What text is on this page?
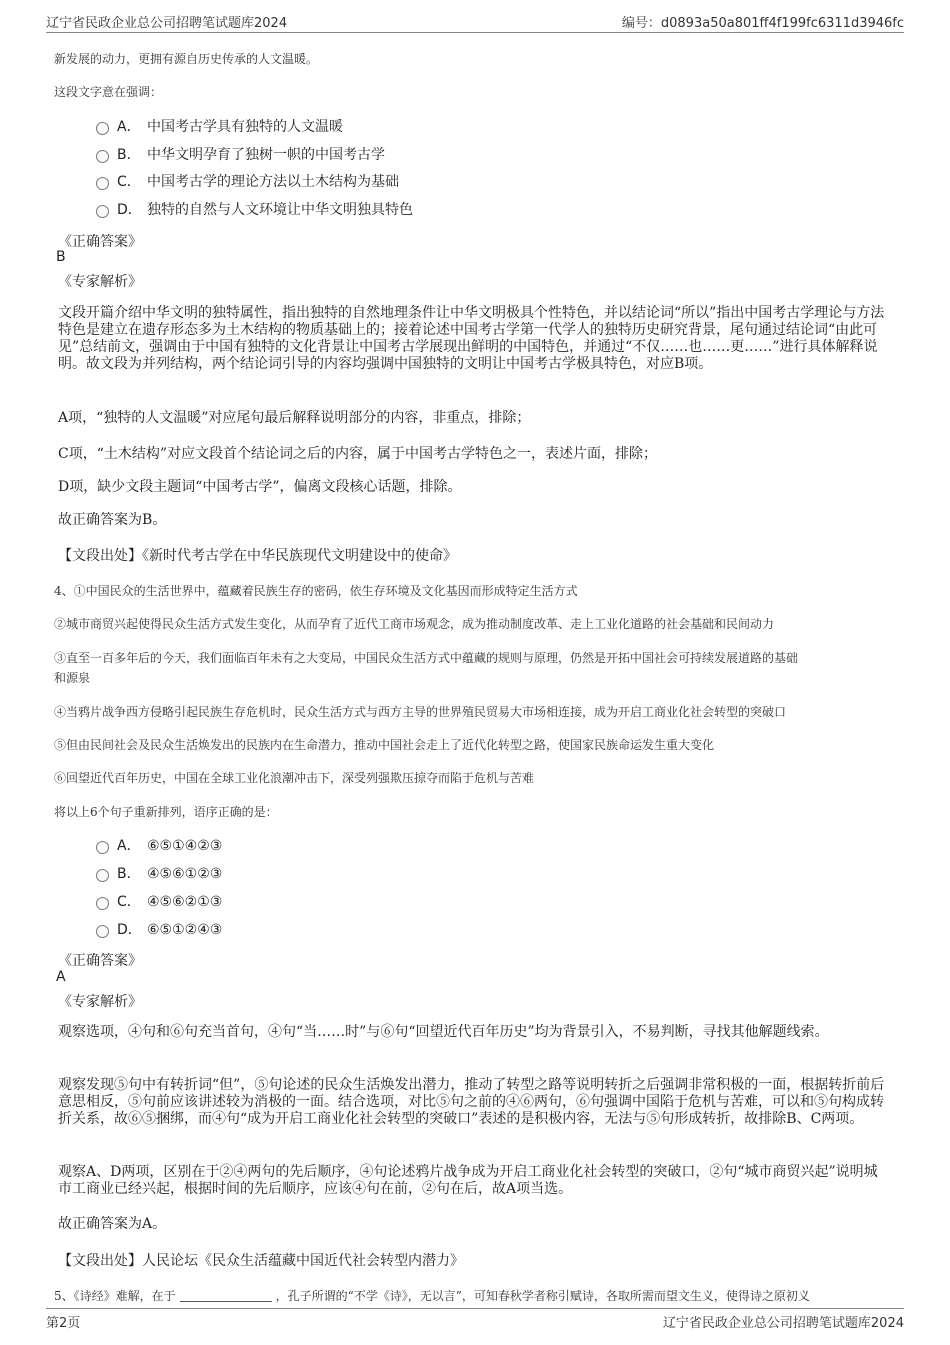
辽宁省民政企业总公司招聘笔试题库2024	编号：d0893a50a801ff4f199fc6311d3946fc
新发展的动力，更拥有源自历史传承的人文温暖。
这段文字意在强调：
A． 中国考古学具有独特的人文温暖
B． 中华文明孕育了独树一帜的中国考古学
C． 中国考古学的理论方法以土木结构为基础
D． 独特的自然与人文环境让中华文明独具特色
《正确答案》
B
《专家解析》
文段开篇介绍中华文明的独特属性，指出独特的自然地理条件让中华文明极具个性特色，并以结论词“所以”指出中国考古学理论与方法特色是建立在遗存形态多为土木结构的物质基础上的；接着论述中国考古学第一代学人的独特历史研究背景，尾句通过结论词“由此可见”总结前文，强调由于中国有独特的文化背景让中国考古学展现出鲜明的中国特色，并通过“不仅……也……更……”进行具体解释说明。故文段为并列结构，两个结论词引导的内容均强调中国独特的文明让中国考古学极具特色，对应B项。
A项，“独特的人文温暖”对应尾句最后解释说明部分的内容，非重点，排除；
C项，“土木结构”对应文段首个结论词之后的内容，属于中国考古学特色之一，表述片面，排除；
D项，缺少文段主题词“中国考古学”，偏离文段核心话题，排除。
故正确答案为B。
【文段出处】《新时代考古学在中华民族现代文明建设中的使命》
4、①中国民众的生活世界中，蕴藏着民族生存的密码，依生存环境及文化基因而形成特定生活方式
②城市商贸兴起使得民众生活方式发生变化，从而孕育了近代工商市场观念，成为推动制度改革、走上工业化道路的社会基础和民间动力
③直至一百多年后的今天，我们面临百年未有之大变局，中国民众生活方式中蕴藏的规则与原理，仍然是开拓中国社会可持续发展道路的基础
和源泉
④当鸦片战争西方侵略引起民族生存危机时，民众生活方式与西方主导的世界殖民贸易大市场相连接，成为开启工商业化社会转型的突破口
⑤但由民间社会及民众生活焕发出的民族内在生命潜力，推动中国社会走上了近代化转型之路，使国家民族命运发生重大变化
⑥回望近代百年历史，中国在全球工业化浪潮冲击下，深受列强欺压掠夺而陷于危机与苦难
将以上6个句子重新排列，语序正确的是：
A． ⑥⑤①④②③
B． ④⑤⑥①②③
C． ④⑤⑥②①③
D． ⑥⑤①②④③
《正确答案》
A
《专家解析》
观察选项，④句和⑥句充当首句，④句“当……时”与⑥句“回望近代百年历史”均为背景引入，不易判断，寻找其他解题线索。
观察发现⑤句中有转折词“但”，⑤句论述的民众生活焕发出潜力，推动了转型之路等说明转折之后强调非常积极的一面，根据转折前后意思相反，⑤句前应该讲述较为消极的一面。结合选项，对比⑤句之前的④⑥两句，⑥句强调中国陷于危机与苦难，可以和⑤句构成转折关系，故⑥⑤捆绑，而④句“成为开启工商业化社会转型的突破口”表述的是积极内容，无法与⑤句形成转折，故排除B、C两项。
观察A、D两项，区别在于②④两句的先后顺序，④句论述鸦片战争成为开启工商业化社会转型的突破口，②句“城市商贸兴起”说明城市工商业已经兴起，根据时间的先后顺序，应该④句在前，②句在后，故A项当选。
故正确答案为A。
【文段出处】人民论坛《民众生活蕴藏中国近代社会转型内潜力》
5、《诗经》难解，在于	，孔子所谓的“不学《诗》，无以言”，可知春秋学者称引赋诗，各取所需而望文生义，使得诗之原初义
第2页	辽宁省民政企业总公司招聘笔试题库2024
